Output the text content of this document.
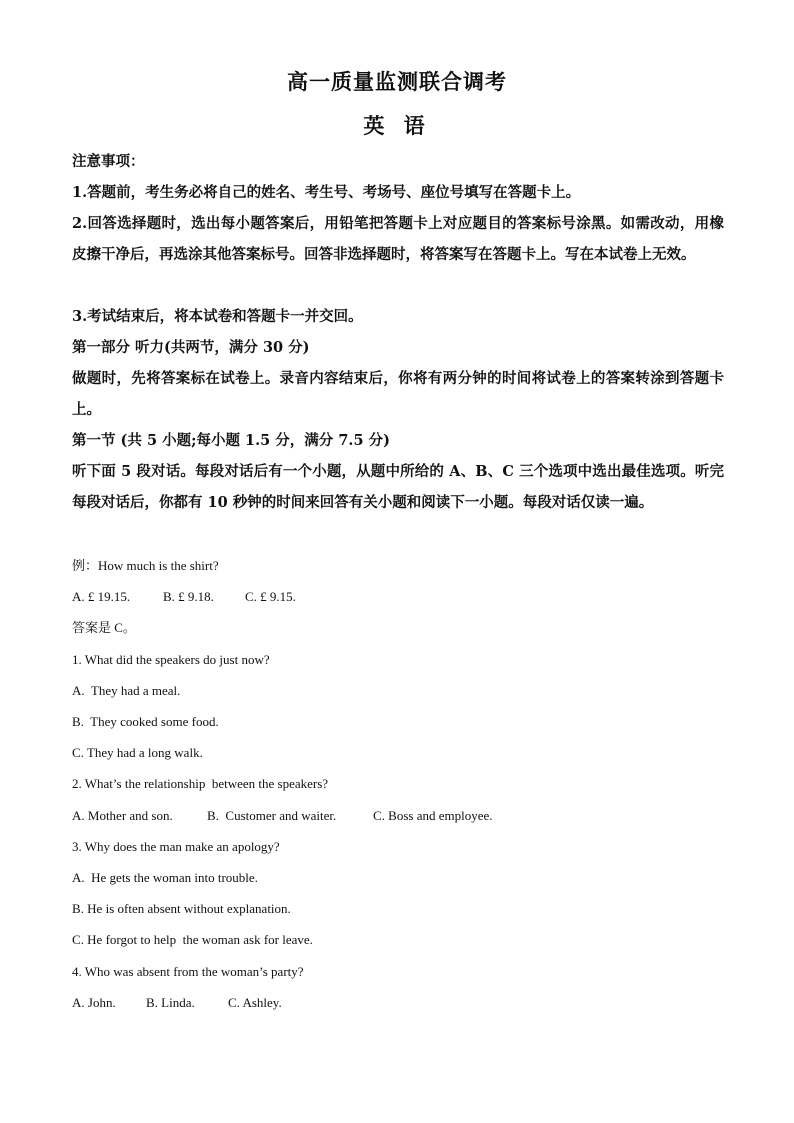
高一质量监测联合调考
英 语

注意事项：

1.答题前，考生务必将自己的姓名、考生号、考场号、座位号填写在答题卡上。

2.回答选择题时，选出每小题答案后，用铅笔把答题卡上对应题目的答案标号涂黑。如需改动，用橡皮擦干净后，再选涂其他答案标号。回答非选择题时，将答案写在答题卡上。写在本试卷上无效。

3.考试结束后，将本试卷和答题卡一并交回。

第一部分 听力(共两节，满分 30 分)

做题时，先将答案标在试卷上。录音内容结束后，你将有两分钟的时间将试卷上的答案转涂到答题卡上。

第一节 (共 5 小题;每小题 1.5 分，满分 7.5 分)

听下面 5 段对话。每段对话后有一个小题，从题中所给的 A、B、C 三个选项中选出最佳选项。听完每段对话后，你都有 10 秒钟的时间来回答有关小题和阅读下一小题。每段对话仅读一遍。

例：How much is the shirt?

A. £ 19.15.	B. £ 9.18. C. £ 9.15.

答案是 C。

1. What did the speakers do just now?

A.  They had a meal.

B.  They cooked some food.

C. They had a long walk.

2. What’s the relationship  between the speakers?

A. Mother and son.	B.  Customer and waiter.	C. Boss and employee.

3. Why does the man make an apology?

A.  He gets the woman into trouble.

B. He is often absent without explanation.

C. He forgot to help  the woman ask for leave.

4. Who was absent from the woman’s party?

A. John. B. Linda.	C. Ashley.
